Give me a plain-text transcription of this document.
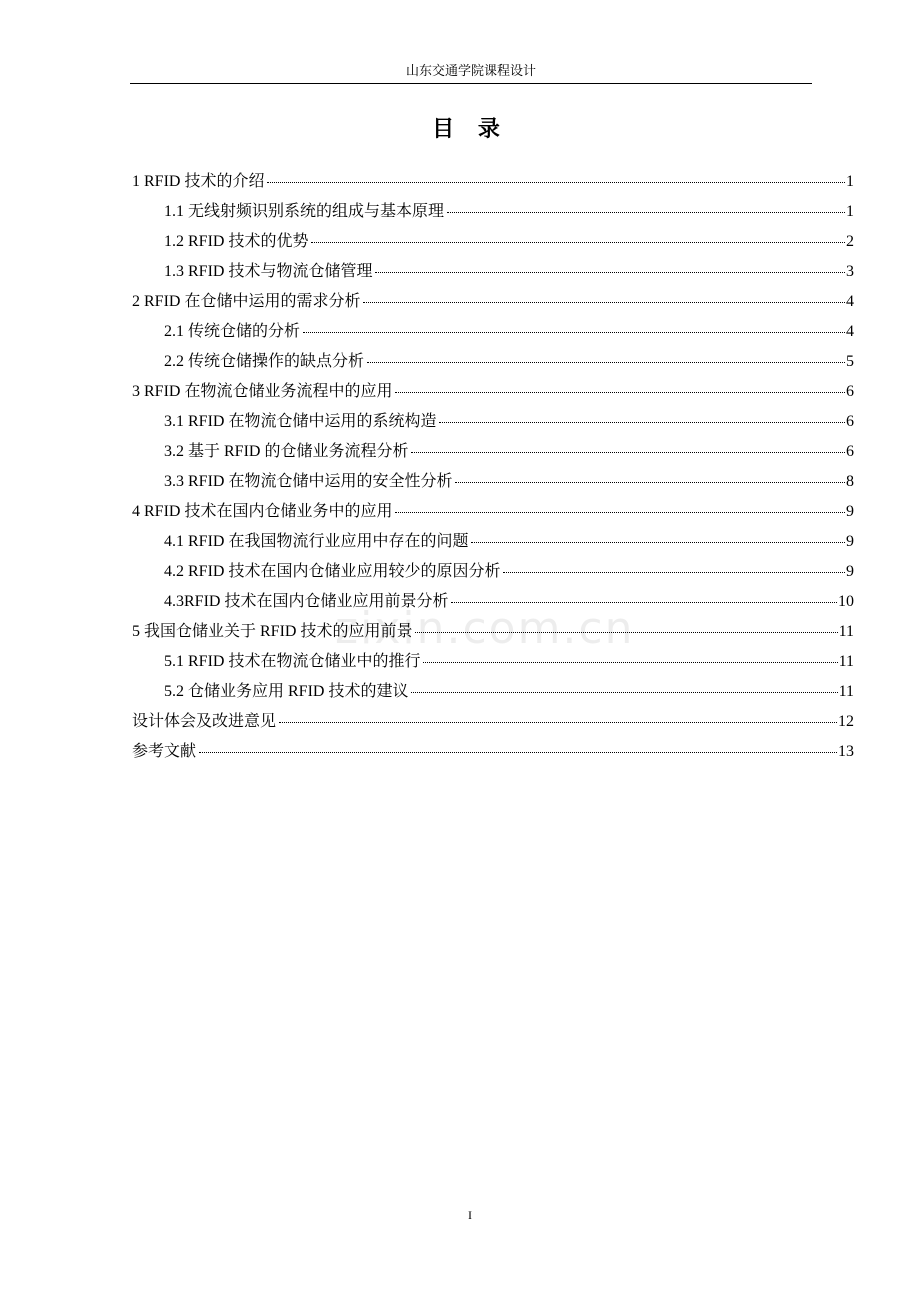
山东交通学院课程设计
目 录
1 RFID 技术的介绍	1
1.1 无线射频识别系统的组成与基本原理	1
1.2 RFID 技术的优势	2
1.3 RFID 技术与物流仓储管理	3
2 RFID 在仓储中运用的需求分析	4
2.1 传统仓储的分析	4
2.2 传统仓储操作的缺点分析	5
3 RFID 在物流仓储业务流程中的应用	6
3.1 RFID 在物流仓储中运用的系统构造	6
3.2 基于 RFID 的仓储业务流程分析	6
3.3 RFID 在物流仓储中运用的安全性分析	8
4 RFID 技术在国内仓储业务中的应用	9
4.1 RFID 在我国物流行业应用中存在的问题	9
4.2 RFID 技术在国内仓储业应用较少的原因分析	9
4.3RFID 技术在国内仓储业应用前景分析	10
5 我国仓储业关于 RFID 技术的应用前景	11
5.1 RFID 技术在物流仓储业中的推行	11
5.2 仓储业务应用 RFID 技术的建议	11
设计体会及改进意见	12
参考文献	13
zixin.com.cn
I
